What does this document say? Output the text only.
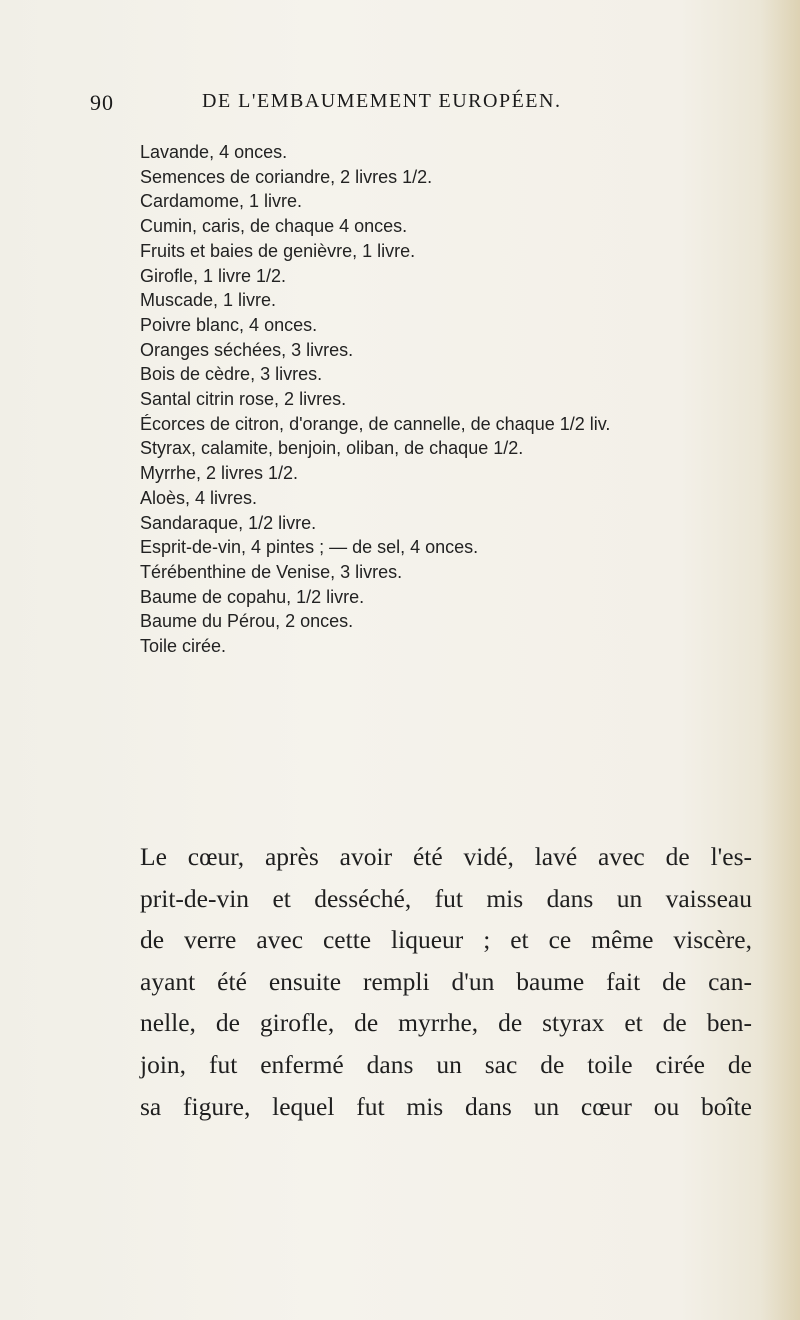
90	DE L'EMBAUMEMENT EUROPÉEN.
Lavande, 4 onces.
Semences de coriandre, 2 livres 1/2.
Cardamome, 1 livre.
Cumin, caris, de chaque 4 onces.
Fruits et baies de genièvre, 1 livre.
Girofle, 1 livre 1/2.
Muscade, 1 livre.
Poivre blanc, 4 onces.
Oranges séchées, 3 livres.
Bois de cèdre, 3 livres.
Santal citrin rose, 2 livres.
Écorces de citron, d'orange, de cannelle, de chaque 1/2 liv.
Styrax, calamite, benjoin, oliban, de chaque 1/2.
Myrrhe, 2 livres 1/2.
Aloès, 4 livres.
Sandaraque, 1/2 livre.
Esprit-de-vin, 4 pintes ; — de sel, 4 onces.
Térébenthine de Venise, 3 livres.
Baume de copahu, 1/2 livre.
Baume du Pérou, 2 onces.
Toile cirée.
Le cœur, après avoir été vidé, lavé avec de l'es-
prit-de-vin et desséché, fut mis dans un vaisseau
de verre avec cette liqueur ; et ce même viscère,
ayant été ensuite rempli d'un baume fait de can-
nelle, de girofle, de myrrhe, de styrax et de ben-
join, fut enfermé dans un sac de toile cirée de
sa figure, lequel fut mis dans un cœur ou boîte
